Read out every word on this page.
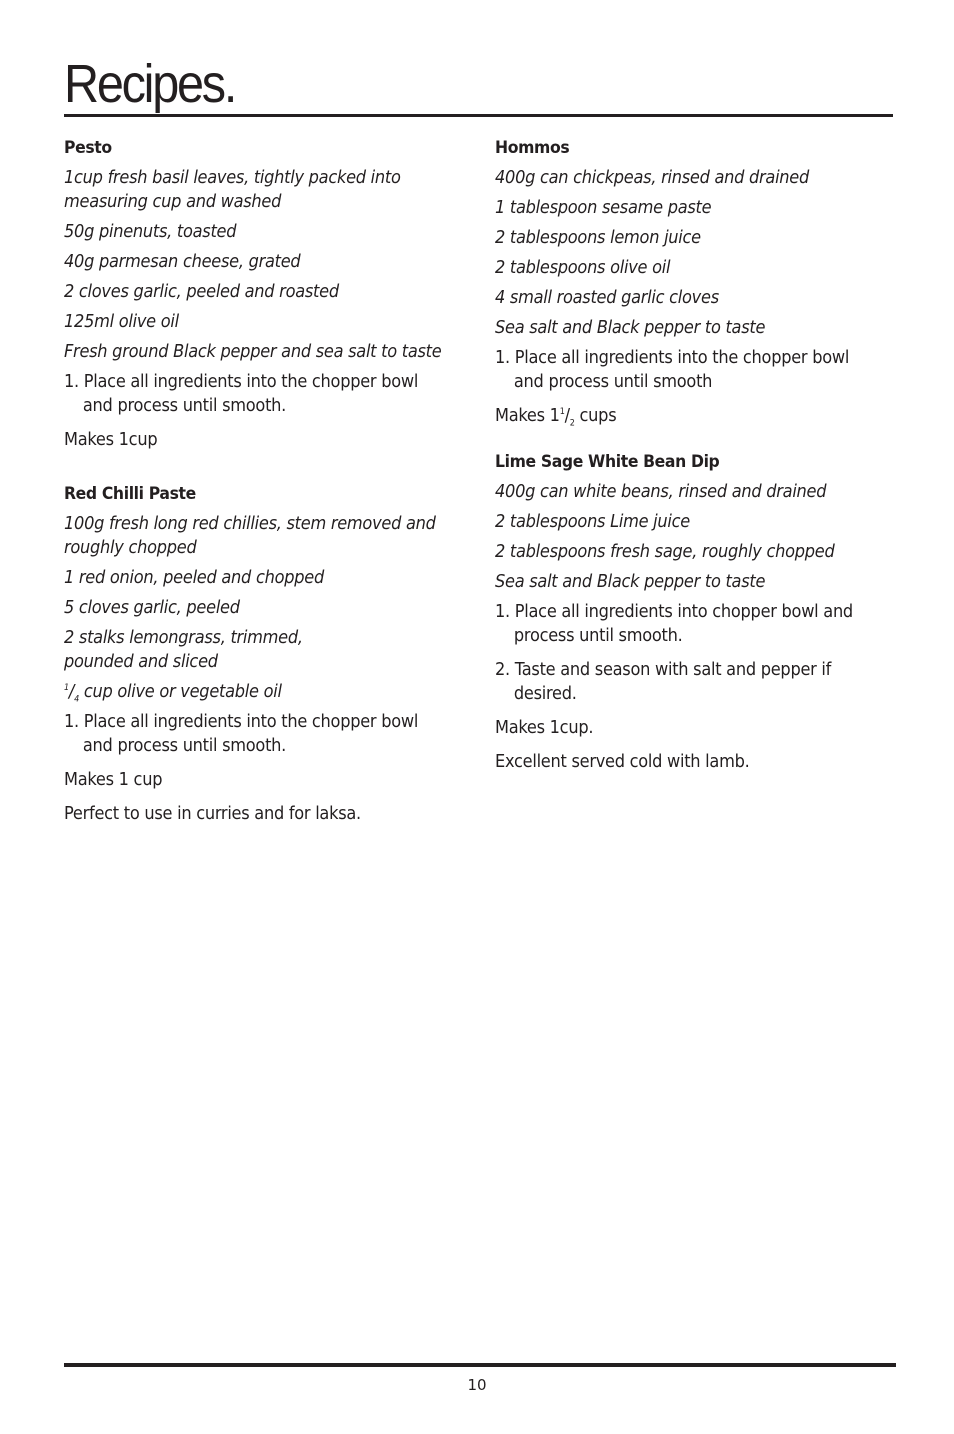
Recipes.
Pesto
1cup fresh basil leaves, tightly packed into
measuring cup and washed
50g pinenuts, toasted
40g parmesan cheese, grated
2 cloves garlic, peeled and roasted
125ml olive oil
Fresh ground Black pepper and sea salt to taste
1. Place all ingredients into the chopper bowl
and process until smooth.
Makes 1cup
Red Chilli Paste
100g fresh long red chillies, stem removed and
roughly chopped
1 red onion, peeled and chopped
5 cloves garlic, peeled
2 stalks lemongrass, trimmed,
pounded and sliced
$^1/_4$ cup olive or vegetable oil
1. Place all ingredients into the chopper bowl
and process until smooth.
Makes 1 cup
Perfect to use in curries and for laksa.
Hommos
400g can chickpeas, rinsed and drained
1 tablespoon sesame paste
2 tablespoons lemon juice
2 tablespoons olive oil
4 small roasted garlic cloves
Sea salt and Black pepper to taste
1. Place all ingredients into the chopper bowl
and process until smooth
Makes $1^1/_2$ cups
Lime Sage White Bean Dip
400g can white beans, rinsed and drained
2 tablespoons Lime juice
2 tablespoons fresh sage, roughly chopped
Sea salt and Black pepper to taste
1. Place all ingredients into chopper bowl and
process until smooth.
2. Taste and season with salt and pepper if
desired.
Makes 1cup.
Excellent served cold with lamb.
10
